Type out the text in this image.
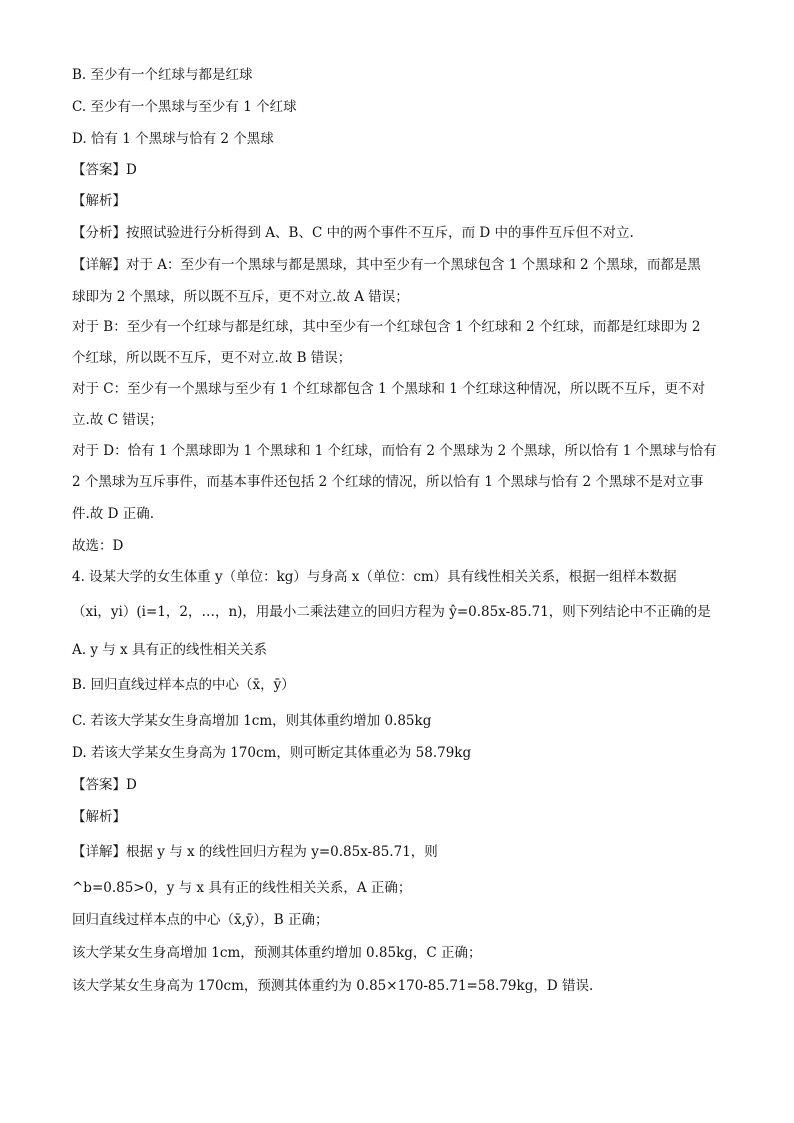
B. 至少有一个红球与都是红球
C. 至少有一个黑球与至少有 1 个红球
D. 恰有 1 个黑球与恰有 2 个黑球
【答案】D
【解析】
【分析】按照试验进行分析得到 A、B、C 中的两个事件不互斥，而 D 中的事件互斥但不对立.
【详解】对于 A：至少有一个黑球与都是黑球，其中至少有一个黑球包含 1 个黑球和 2 个黑球，而都是黑
球即为 2 个黑球，所以既不互斥，更不对立.故 A 错误；
对于 B：至少有一个红球与都是红球，其中至少有一个红球包含 1 个红球和 2 个红球，而都是红球即为 2
个红球，所以既不互斥，更不对立.故 B 错误；
对于 C：至少有一个黑球与至少有 1 个红球都包含 1 个黑球和 1 个红球这种情况，所以既不互斥，更不对
立.故 C 错误；
对于 D：恰有 1 个黑球即为 1 个黑球和 1 个红球，而恰有 2 个黑球为 2 个黑球，所以恰有 1 个黑球与恰有
2 个黑球为互斥事件，而基本事件还包括 2 个红球的情况，所以恰有 1 个黑球与恰有 2 个黑球不是对立事
件.故 D 正确.
故选：D
4. 设某大学的女生体重 y（单位：kg）与身高 x（单位：cm）具有线性相关关系，根据一组样本数据
（xi，yi）(i=1，2，…，n)，用最小二乘法建立的回归方程为 ŷ=0.85x-85.71，则下列结论中不正确的是
A. y 与 x 具有正的线性相关关系
B. 回归直线过样本点的中心（x̄，ȳ）
C. 若该大学某女生身高增加 1cm，则其体重约增加 0.85kg
D. 若该大学某女生身高为 170cm，则可断定其体重必为 58.79kg
【答案】D
【解析】
【详解】根据 y 与 x 的线性回归方程为 y=0.85x-85.71，则
^b=0.85>0，y 与 x 具有正的线性相关关系，A 正确；
回归直线过样本点的中心（x̄,ȳ），B 正确；
该大学某女生身高增加 1cm，预测其体重约增加 0.85kg，C 正确；
该大学某女生身高为 170cm，预测其体重约为 0.85×170-85.71=58.79kg，D 错误.
